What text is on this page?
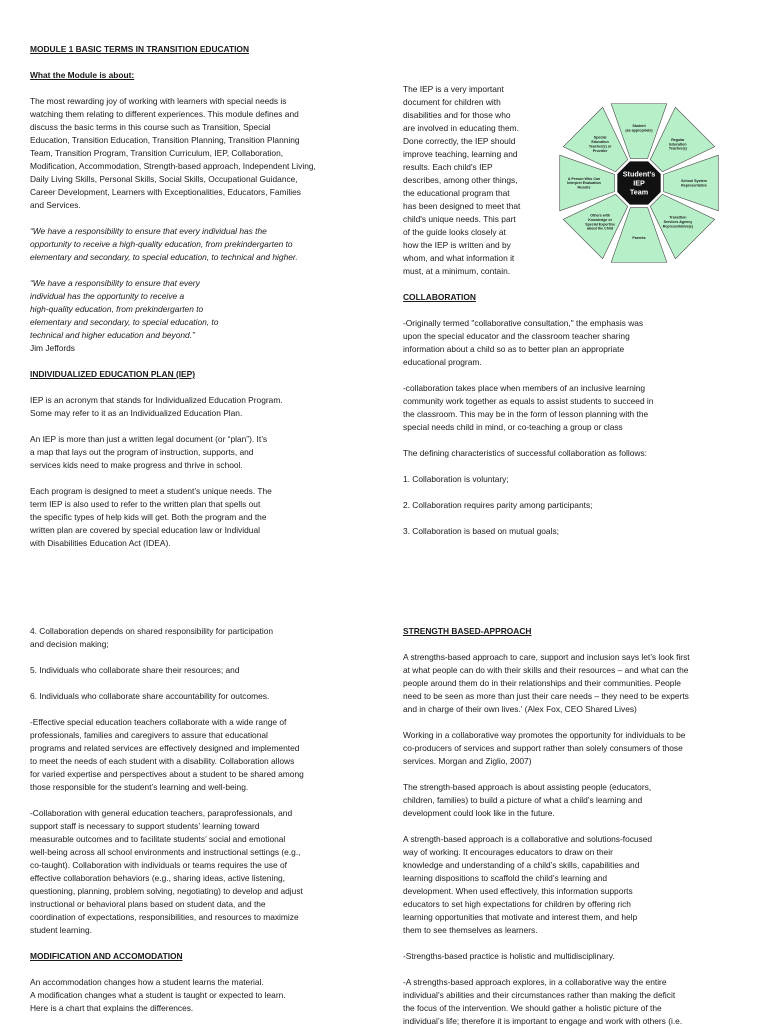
MODULE 1 BASIC TERMS IN TRANSITION EDUCATION

What the Module is about:

The most rewarding joy of working with learners with special needs is
watching them relating to different experiences. This module defines and
discuss the basic terms in this course such as Transition, Special
Education, Transition Education, Transition Planning, Transition Planning
Team, Transition Program, Transition Curriculum, IEP, Collaboration,
Modification, Accommodation, Strength-based approach, Independent Living,
Daily Living Skills, Personal Skills, Social Skills, Occupational Guidance,
Career Development, Learners with Exceptionalities, Educators, Families
and Services.

“We have a responsibility to ensure that every individual has the
opportunity to receive a high-quality education, from prekindergarten to
elementary and secondary, to special education, to technical and higher.

“We have a responsibility to ensure that every
individual has the opportunity to receive a
high-quality education, from prekindergarten to
elementary and secondary, to special education, to
technical and higher education and beyond.”

Jim Jeffords

INDIVIDUALIZED EDUCATION PLAN (IEP)

IEP is an acronym that stands for Individualized Education Program.
Some may refer to it as an Individualized Education Plan.

An IEP is more than just a written legal document (or “plan”). It’s
a map that lays out the program of instruction, supports, and
services kids need to make progress and thrive in school.

Each program is designed to meet a student’s unique needs. The
term IEP is also used to refer to the written plan that spells out
the specific types of help kids will get. Both the program and the
written plan are covered by special education law or Individual
with Disabilities Education Act (IDEA).

The IEP is a very important
document for children with
disabilities and for those who
are involved in educating them.
Done correctly, the IEP should
improve teaching, learning and
results. Each child's IEP
describes, among other things,
the educational program that
has been designed to meet that
child's unique needs. This part
of the guide looks closely at
how the IEP is written and by
whom, and what information it
must, at a minimum, contain.

COLLABORATION

-Originally termed "collaborative consultation," the emphasis was
upon the special educator and the classroom teacher sharing
information about a child so as to better plan an appropriate
educational program.

-collaboration takes place when members of an inclusive learning
community work together as equals to assist students to succeed in
the classroom. This may be in the form of lesson planning with the
special needs child in mind, or co-teaching a group or class

The defining characteristics of successful collaboration as follows:

1. Collaboration is voluntary;

2. Collaboration requires parity among participants;

3. Collaboration is based on mutual goals;

Student
(as appropriate)
Regular
Education
Teacher(s)
School System
Representative
Transition
Services Agency
Representative(s)
Parents
Others with
Knowledge or
Special Expertise
about the Child
A Person Who Can
Interpret Evaluation
Results
Special
Education
Teacher(s) or
Provider
Student's
IEP
Team

4. Collaboration depends on shared responsibility for participation
and decision making;

5. Individuals who collaborate share their resources; and

6. Individuals who collaborate share accountability for outcomes.

-Effective special education teachers collaborate with a wide range of
professionals, families and caregivers to assure that educational
programs and related services are effectively designed and implemented
to meet the needs of each student with a disability. Collaboration allows
for varied expertise and perspectives about a student to be shared among
those responsible for the student’s learning and well-being.

-Collaboration with general education teachers, paraprofessionals, and
support staff is necessary to support students’ learning toward
measurable outcomes and to facilitate students’ social and emotional
well-being across all school environments and instructional settings (e.g.,
co-taught). Collaboration with individuals or teams requires the use of
effective collaboration behaviors (e.g., sharing ideas, active listening,
questioning, planning, problem solving, negotiating) to develop and adjust
instructional or behavioral plans based on student data, and the
coordination of expectations, responsibilities, and resources to maximize
student learning.

MODIFICATION AND ACCOMODATION

An accommodation changes how a student learns the material.
A modification changes what a student is taught or expected to learn.
Here is a chart that explains the differences.

STRENGTH BASED-APPROACH

A strengths-based approach to care, support and inclusion says let’s look first
at what people can do with their skills and their resources – and what can the
people around them do in their relationships and their communities. People
need to be seen as more than just their care needs – they need to be experts
and in charge of their own lives.’ (Alex Fox, CEO Shared Lives)

Working in a collaborative way promotes the opportunity for individuals to be
co-producers of services and support rather than solely consumers of those
services. Morgan and Ziglio, 2007)

The strength-based approach is about assisting people (educators,
children, families) to build a picture of what a child’s learning and
development could look like in the future.

A strength-based approach is a collaborative and solutions-focused
way of working. It encourages educators to draw on their
knowledge and understanding of a child’s skills, capabilities and
learning dispositions to scaffold the child’s learning and
development. When used effectively, this information supports
educators to set high expectations for children by offering rich
learning opportunities that motivate and interest them, and help
them to see themselves as learners.

-Strengths-based practice is holistic and multidisciplinary.

-A strengths-based approach explores, in a collaborative way the entire
individual’s abilities and their circumstances rather than making the deficit
the focus of the intervention. We should gather a holistic picture of the
individual’s life; therefore it is important to engage and work with others (i.e.
